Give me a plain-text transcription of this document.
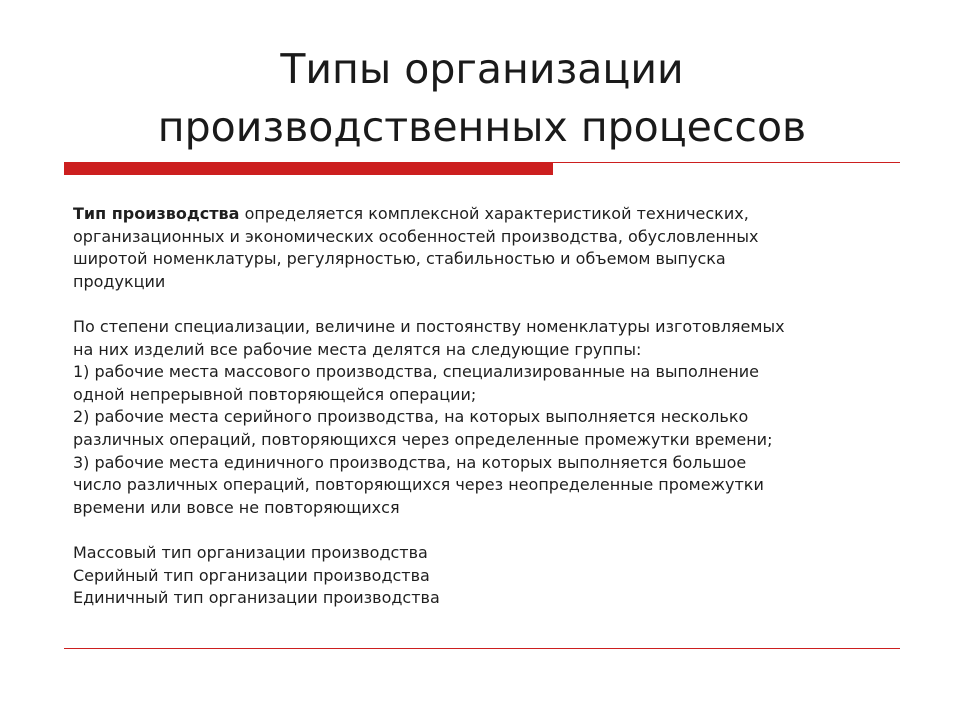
Типы организации
производственных процессов

Тип производства определяется комплексной характеристикой технических,
организационных и экономических особенностей производства, обусловленных
широтой номенклатуры, регулярностью, стабильностью и объемом выпуска
продукции

По степени специализации, величине и постоянству номенклатуры изготовляемых
на них изделий все рабочие места делятся на следующие группы:
1) рабочие места массового производства, специализированные на выполнение
одной непрерывной повторяющейся операции;
2) рабочие места серийного производства, на которых выполняется несколько
различных операций, повторяющихся через определенные промежутки времени;
3) рабочие места единичного производства, на которых выполняется большое
число различных операций, повторяющихся через неопределенные промежутки
времени или вовсе не повторяющихся

Массовый тип организации производства
Серийный тип организации производства
Единичный тип организации производства
